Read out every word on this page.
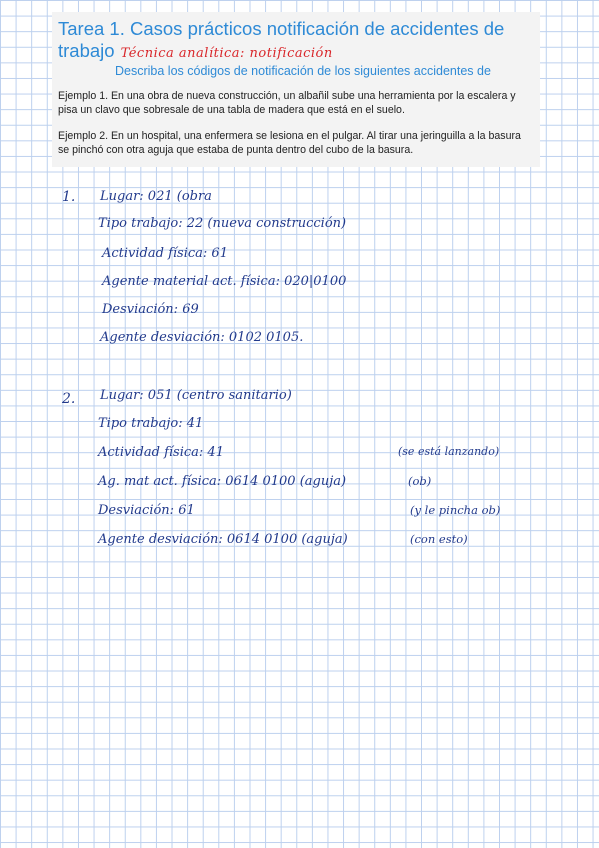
Tarea 1. Casos prácticos notificación de accidentes de
trabajo Técnica analítica: notificación
Describa los códigos de notificación de los siguientes accidentes de
Ejemplo 1. En una obra de nueva construcción, un albañil sube una herramienta por la escalera y pisa un clavo que sobresale de una tabla de madera que está en el suelo.
Ejemplo 2. En un hospital, una enfermera se lesiona en el pulgar. Al tirar una jeringuilla a la basura se pinchó con otra aguja que estaba de punta dentro del cubo de la basura.
1. Lugar: 021 (obra
Tipo trabajo: 22 (nueva construcción)
Actividad física: 61
Agente material act. física: 020|0100
Desviación: 69
Agente desviación: 0102 0105.
2. Lugar: 051 (centro sanitario)
Tipo trabajo: 41
Actividad física: 41
Ag. mat act. física: 0614 0100 (aguja)
Desviación: 61
Agente desviación: 0614 0100 (aguja)
(se está lanzando)
(ob)
(y le pincha ob)
(con esto)
